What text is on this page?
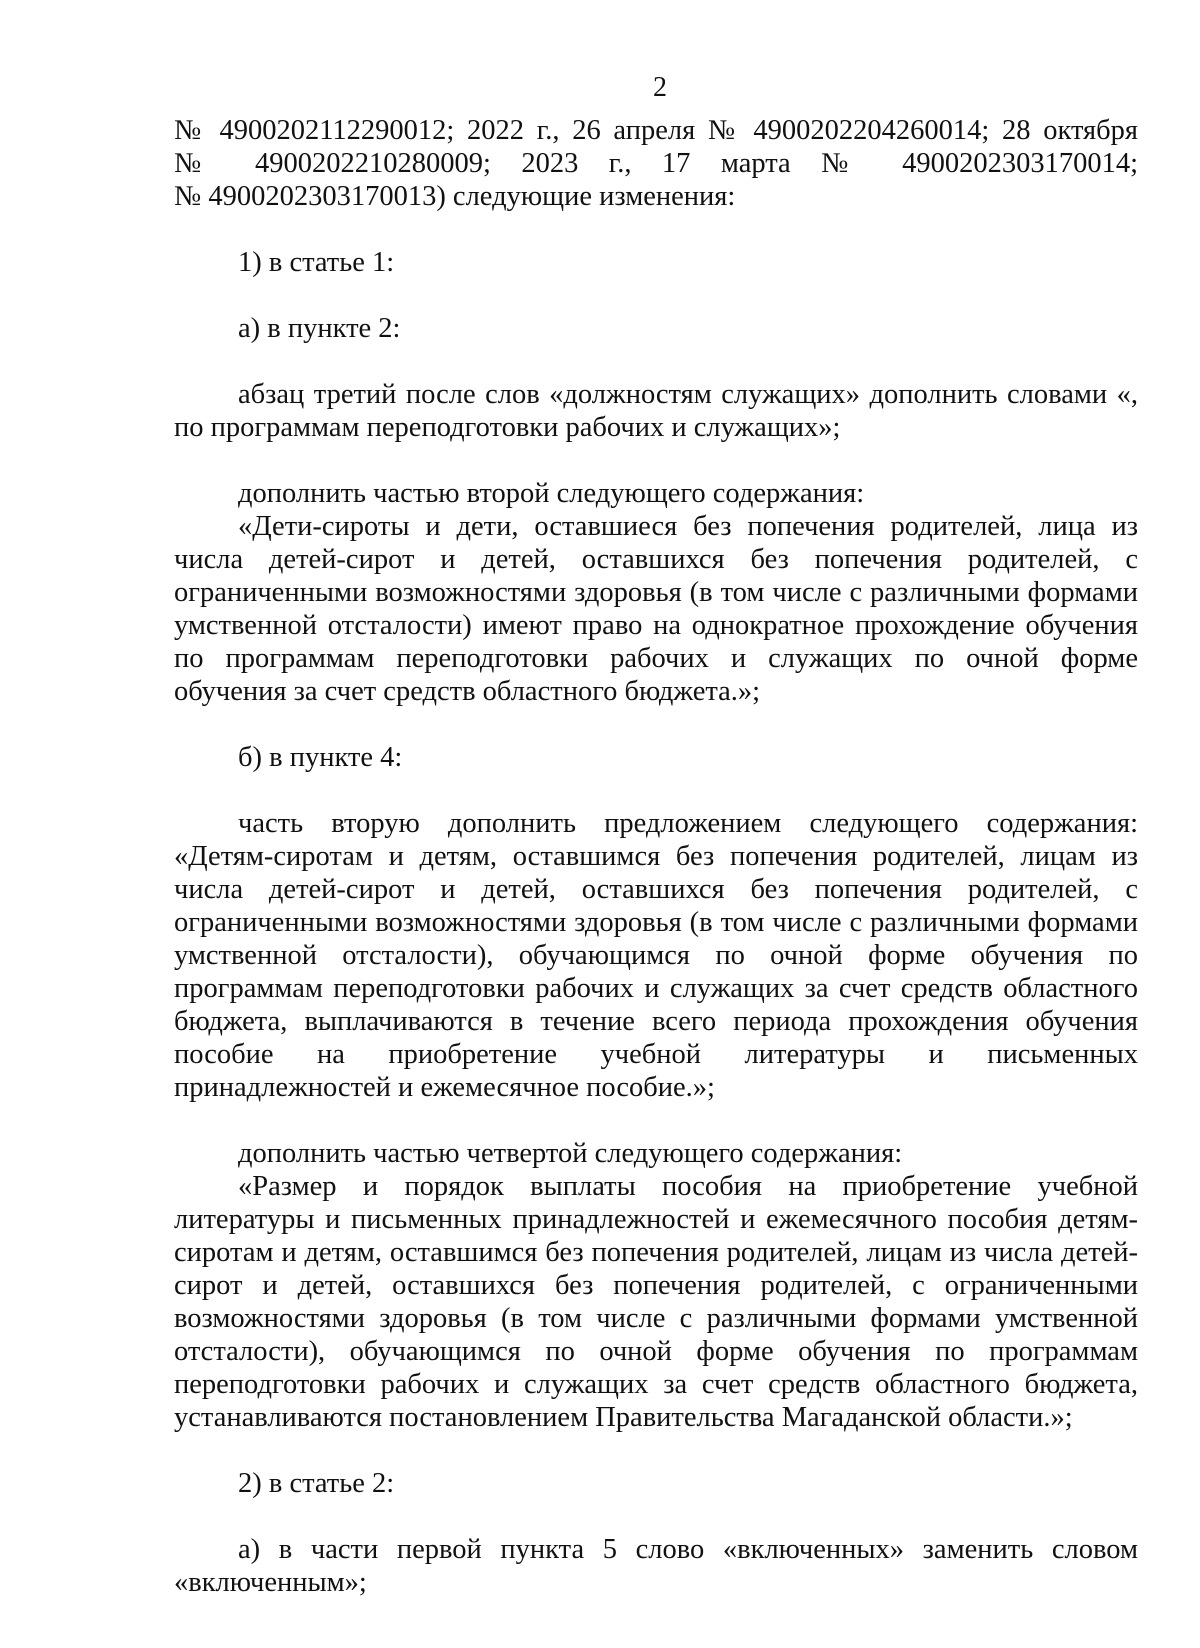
2
№ 4900202112290012; 2022 г., 26 апреля № 4900202204260014; 28 октября
№ 4900202210280009; 2023 г., 17 марта № 4900202303170014;
№ 4900202303170013) следующие изменения:

1) в статье 1:

а) в пункте 2:

абзац третий после слов «должностям служащих» дополнить словами «, по программам переподготовки рабочих и служащих»;

дополнить частью второй следующего содержания:

«Дети-сироты и дети, оставшиеся без попечения родителей, лица из числа детей-сирот и детей, оставшихся без попечения родителей, с ограниченными возможностями здоровья (в том числе с различными формами умственной отсталости) имеют право на однократное прохождение обучения по программам переподготовки рабочих и служащих по очной форме обучения за счет средств областного бюджета.»;

б) в пункте 4:

часть вторую дополнить предложением следующего содержания: «Детям-сиротам и детям, оставшимся без попечения родителей, лицам из числа детей-сирот и детей, оставшихся без попечения родителей, с ограниченными возможностями здоровья (в том числе с различными формами умственной отсталости), обучающимся по очной форме обучения по программам переподготовки рабочих и служащих за счет средств областного бюджета, выплачиваются в течение всего периода прохождения обучения пособие на приобретение учебной литературы и письменных принадлежностей и ежемесячное пособие.»;

дополнить частью четвертой следующего содержания:

«Размер и порядок выплаты пособия на приобретение учебной литературы и письменных принадлежностей и ежемесячного пособия детям-сиротам и детям, оставшимся без попечения родителей, лицам из числа детей-сирот и детей, оставшихся без попечения родителей, с ограниченными возможностями здоровья (в том числе с различными формами умственной отсталости), обучающимся по очной форме обучения по программам переподготовки рабочих и служащих за счет средств областного бюджета, устанавливаются постановлением Правительства Магаданской области.»;

2) в статье 2:

а) в части первой пункта 5 слово «включенных» заменить словом «включенным»;
